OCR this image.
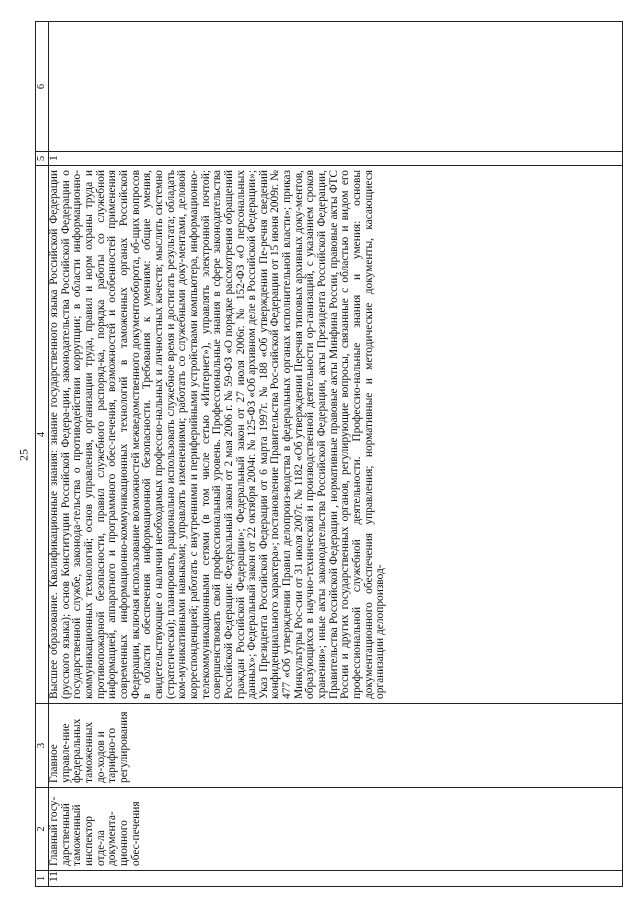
25
1	2	3	4	5	6
11	Главный госу-дарственный таможенный инспектор отде-ла документа-ционного обес-печения	Главное управле-ние федеральных таможенных до-ходов и тарифно-го регулирования	Высшее образование. Квалификационные знания: знание государственного языка Российской Федерации (русского языка); основ Конституции Российской Федера-ции, законодательства Российской Федерации о государственной службе, законода-тельства о противодействии коррупции; в области информационно-коммуникационных технологий; основ управления, организации труда, правил и норм охраны труда и противопожарной безопасности, правил служебного распоряд-ка, порядка работы со служебной информацией, аппаратного и программного обес-печения, возможностей и особенностей применения современных информационно-коммуникационных технологий в таможенных органах Российской Федерации, включая использование возможностей межведомственного документооборота, об-щих вопросов в области обеспечения информационной безопасности. Требования к умениям: общие умения, свидетельствующие о наличии необходимых профессио-нальных и личностных качеств; мыслить системно (стратегически); планировать, рационально использовать служебное время и достигать результата; обладать ком-муникативными навыками; управлять изменениями; работать со служебными доку-ментами, деловой корреспонденцией; работать с внутренними и периферийными устройствами компьютера, информационно-телекоммуникационными сетями (в том числе сетью «Интернет»), управлять электронной почтой; совершенствовать свой профессиональный уровень. Профессиональные знания в сфере законодательства Российской Федерации: Федеральный закон от 2 мая 2006 г. № 59-ФЗ «О порядке рассмотрения обращений граждан Российской Федерации»; Федеральный закон от 27 июля 2006г. № 152-ФЗ «О персональных данных»; Федеральный закон от 22 октября 2004г. № 125-ФЗ «Об архивном деле в Российской Федерации»; Указ Президента Российской Федерации от 6 марта 1997г. № 188 «Об утверждении Пе-речня сведений конфиденциального характера»; постановление Правительства Рос-сийской Федерации от 15 июня 2009г. № 477 «Об утверждении Правил делопроиз-водства в федеральных органах исполнительной власти»; приказ Минкультуры Рос-сии от 31 июля 2007г. № 1182 «Об утверждении Перечня типовых архивных доку-ментов, образующихся в научно-технической и производственной деятельности ор-ганизаций, с указанием сроков хранения»; иные акты законодательства Российской Федерации, акты Президента Российской Федерации, Правительства Российской Федерации , нормативные правовые акты Минфина России, правовые акты ФТС России и других государственных органов, регулирующие вопросы, связанные с областью и видом его профессиональной служебной деятельности. Профессио-нальные знания и умения: основы документационного обеспечения управления; нормативные и методические документы, касающиеся организации делопроизвод-	1	
